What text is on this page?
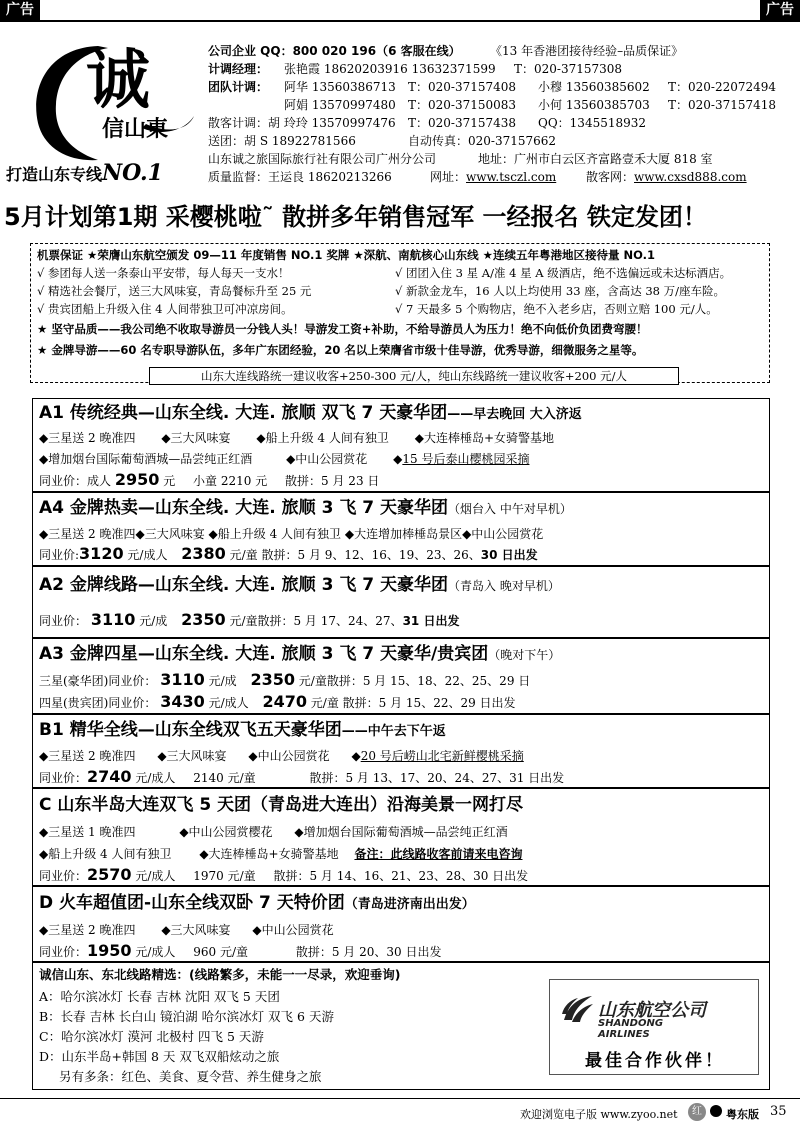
广告	广告
诚
信山東
打造山东专线NO.1
公司企业 QQ：800 020 196（6 客服在线） 《13 年香港团接待经验–品质保证》
计调经理： 张艳霞 18620203916 13632371599 T：020-37157308
团队计调： 阿华 13560386713 T：020-37157408 小穆 13560385602 T：020-22072494
阿娟 13570997480 T：020-37150083 小何 13560385703 T：020-37157418
散客计调：胡 玲玲 13570997476 T：020-37157438 QQ：1345518932
送团：胡 S 18922781566	自动传真：020-37157662
山东诚之旅国际旅行社有限公司广州分公司	地址：广州市白云区齐富路壹禾大厦 818 室
质量监督：王运良 18620213266	网址：www.tsczl.com 散客网：www.cxsd888.com
5月计划第1期 采樱桃啦˜ 散拼多年销售冠军 一经报名 铁定发团！
机票保证 ★荣膺山东航空颁发 09—11 年度销售 NO.1 奖牌 ★深航、南航核心山东线 ★连续五年粤港地区接待量 NO.1
√ 参团每人送一条泰山平安带，每人每天一支水！	√ 团团入住 3 星 A/准 4 星 A 级酒店，绝不选偏远或未达标酒店。
√ 精选社会餐厅，送三大风味宴，青岛餐标升至 25 元	√ 新款金龙车，16 人以上均使用 33 座，含高达 38 万/座车险。
√ 贵宾团船上升级入住 4 人间带独卫可冲凉房间。	√ 7 天最多 5 个购物店，绝不入老乡店，否则立赔 100 元/人。
★ 坚守品质——我公司绝不收取导游员一分钱人头！导游发工资+补助，不给导游员人为压力！绝不向低价负团费弯腰！
★ 金牌导游——60 名专职导游队伍，多年广东团经验，20 名以上荣膺省市级十佳导游，优秀导游，细微服务之星等。
山东大连线路统一建议收客+250-300 元/人，纯山东线路统一建议收客+200 元/人
A1 传统经典—山东全线. 大连. 旅顺 双飞 7 天豪华团——早去晚回 大入济返
◆三星送 2 晚准四 ◆三大风味宴 ◆船上升级 4 人间有独卫 ◆大连棒棰岛+女骑警基地
◆增加烟台国际葡萄酒城—品尝纯正红酒	◆中山公园赏花 ◆15 号后泰山樱桃园采摘
同业价：成人 2950 元 小童 2210 元 散拼：5 月 23 日
A4 金牌热卖—山东全线. 大连. 旅顺 3 飞 7 天豪华团（烟台入 中午对早机）
◆三星送 2 晚准四◆三大风味宴 ◆船上升级 4 人间有独卫 ◆大连增加棒棰岛景区◆中山公园赏花
同业价:3120 元/成人 2380 元/童 散拼：5 月 9、12、16、19、23、26、30 日出发
A2 金牌线路—山东全线. 大连. 旅顺 3 飞 7 天豪华团（青岛入 晚对早机）
同业价： 3110 元/成 2350 元/童散拼：5 月 17、24、27、31 日出发
A3 金牌四星—山东全线. 大连. 旅顺 3 飞 7 天豪华/贵宾团（晚对下午）
三星(豪华团)同业价： 3110 元/成 2350 元/童散拼：5 月 15、18、22、25、29 日
四星(贵宾团)同业价： 3430 元/成人 2470 元/童 散拼：5 月 15、22、29 日出发
B1 精华全线—山东全线双飞五天豪华团——中午去下午返
◆三星送 2 晚准四 ◆三大风味宴 ◆中山公园赏花 ◆20 号后崂山北宅新鲜樱桃采摘
同业价：2740 元/成人 2140 元/童	散拼：5 月 13、17、20、24、27、31 日出发
C 山东半岛大连双飞 5 天团（青岛进大连出）沿海美景一网打尽
◆三星送 1 晚准四	◆中山公园赏樱花 ◆增加烟台国际葡萄酒城—品尝纯正红酒
◆船上升级 4 人间有独卫 ◆大连棒棰岛+女骑警基地 备注：此线路收客前请来电咨询
同业价：2570 元/成人 1970 元/童 散拼：5 月 14、16、21、23、28、30 日出发
D 火车超值团-山东全线双卧 7 天特价团（青岛进济南出出发）
◆三星送 2 晚准四 ◆三大风味宴 ◆中山公园赏花
同业价：1950 元/成人 960 元/童	散拼：5 月 20、30 日出发
诚信山东、东北线路精选：(线路繁多，未能一一尽录，欢迎垂询)
A：哈尔滨冰灯 长春 吉林 沈阳 双飞 5 天团
B：长春 吉林 长白山 镜泊湖 哈尔滨冰灯 双飞 6 天游
C：哈尔滨冰灯 漠河 北极村 四飞 5 天游
D：山东半岛+韩国 8 天 双飞双船炫动之旅
另有多条：红色、美食、夏令营、养生健身之旅
山东航空公司
SHANDONG
AIRLINES
最佳合作伙伴！
欢迎浏览电子版 www.zyoo.net	红	粤东版 35
